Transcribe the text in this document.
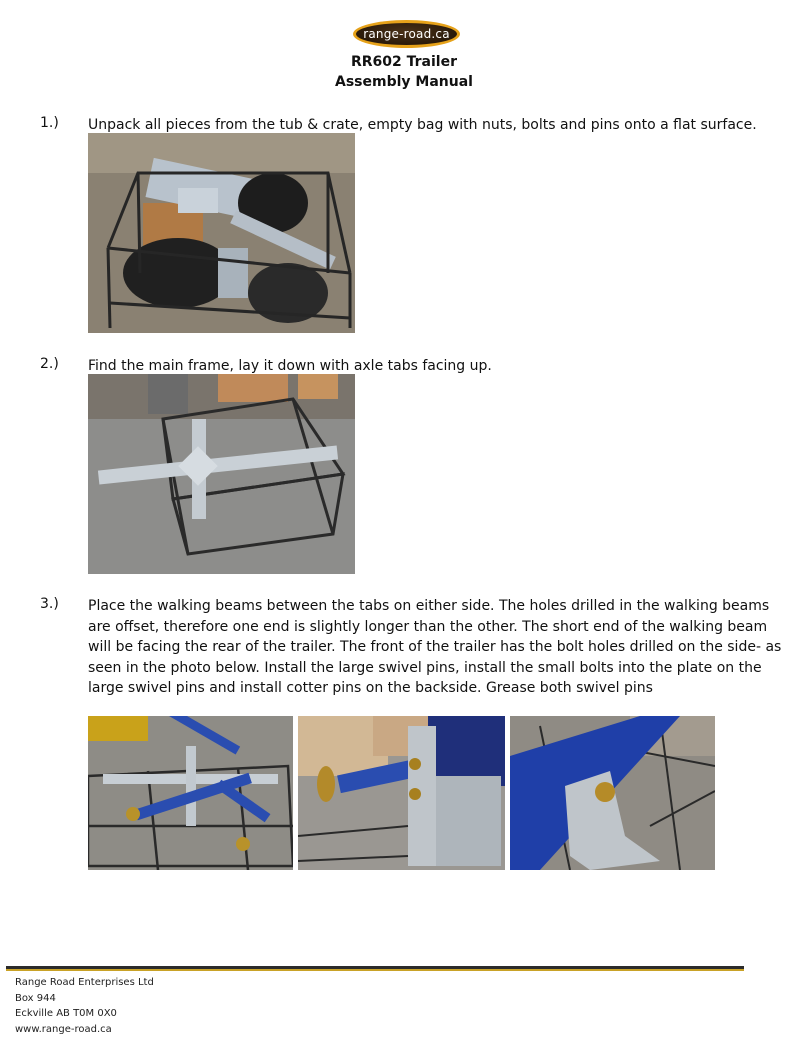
range-road.ca
RR602 Trailer
Assembly Manual
1.) Unpack all pieces from the tub & crate, empty bag with nuts, bolts and pins onto a flat surface.
2.) Find the main frame, lay it down with axle tabs facing up.
3.) Place the walking beams between the tabs on either side. The holes drilled in the walking beams are offset, therefore one end is slightly longer than the other. The short end of the walking beam will be facing the rear of the trailer. The front of the trailer has the bolt holes drilled on the side- as seen in the photo below. Install the large swivel pins, install the small bolts into the plate on the large swivel pins and install cotter pins on the backside. Grease both swivel pins
Range Road Enterprises Ltd
Box 944
Eckville AB T0M 0X0
www.range-road.ca
